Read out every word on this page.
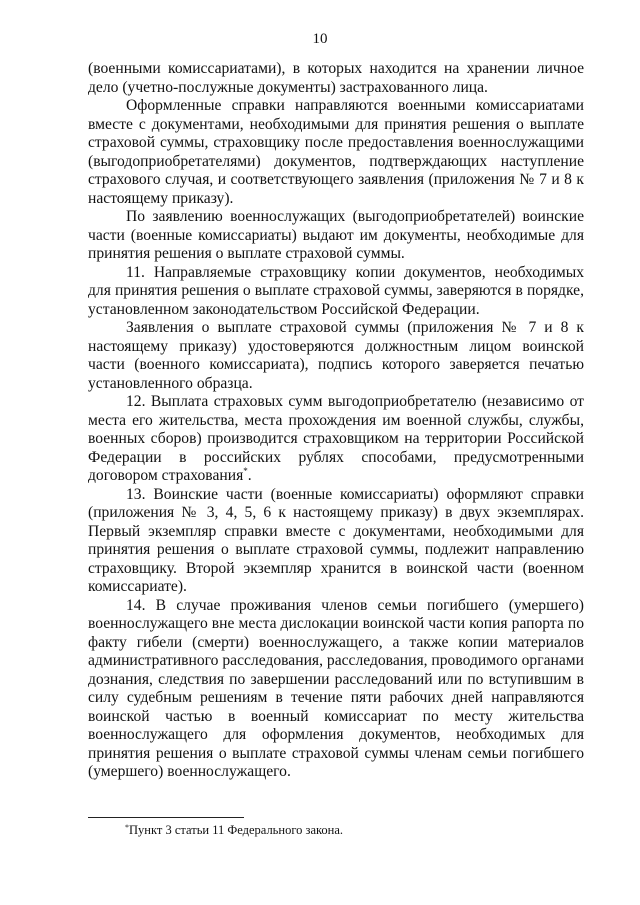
10

(военными комиссариатами), в которых находится на хранении личное дело (учетно-послужные документы) застрахованного лица.

Оформленные справки направляются военными комиссариатами вместе с документами, необходимыми для принятия решения о выплате страховой суммы, страховщику после предоставления военнослужащими (выгодоприобретателями) документов, подтверждающих наступление страхового случая, и соответствующего заявления (приложения № 7 и 8 к настоящему приказу).

По заявлению военнослужащих (выгодоприобретателей) воинские части (военные комиссариаты) выдают им документы, необходимые для принятия решения о выплате страховой суммы.

11. Направляемые страховщику копии документов, необходимых для принятия решения о выплате страховой суммы, заверяются в порядке, установленном законодательством Российской Федерации.

Заявления о выплате страховой суммы (приложения № 7 и 8 к настоящему приказу) удостоверяются должностным лицом воинской части (военного комиссариата), подпись которого заверяется печатью установленного образца.

12. Выплата страховых сумм выгодоприобретателю (независимо от места его жительства, места прохождения им военной службы, службы, военных сборов) производится страховщиком на территории Российской Федерации в российских рублях способами, предусмотренными договором страхования*.

13. Воинские части (военные комиссариаты) оформляют справки (приложения № 3, 4, 5, 6 к настоящему приказу) в двух экземплярах. Первый экземпляр справки вместе с документами, необходимыми для принятия решения о выплате страховой суммы, подлежит направлению страховщику. Второй экземпляр хранится в воинской части (военном комиссариате).

14. В случае проживания членов семьи погибшего (умершего) военнослужащего вне места дислокации воинской части копия рапорта по факту гибели (смерти) военнослужащего, а также копии материалов административного расследования, расследования, проводимого органами дознания, следствия по завершении расследований или по вступившим в силу судебным решениям в течение пяти рабочих дней направляются воинской частью в военный комиссариат по месту жительства военнослужащего для оформления документов, необходимых для принятия решения о выплате страховой суммы членам семьи погибшего (умершего) военнослужащего.

*Пункт 3 статьи 11 Федерального закона.
